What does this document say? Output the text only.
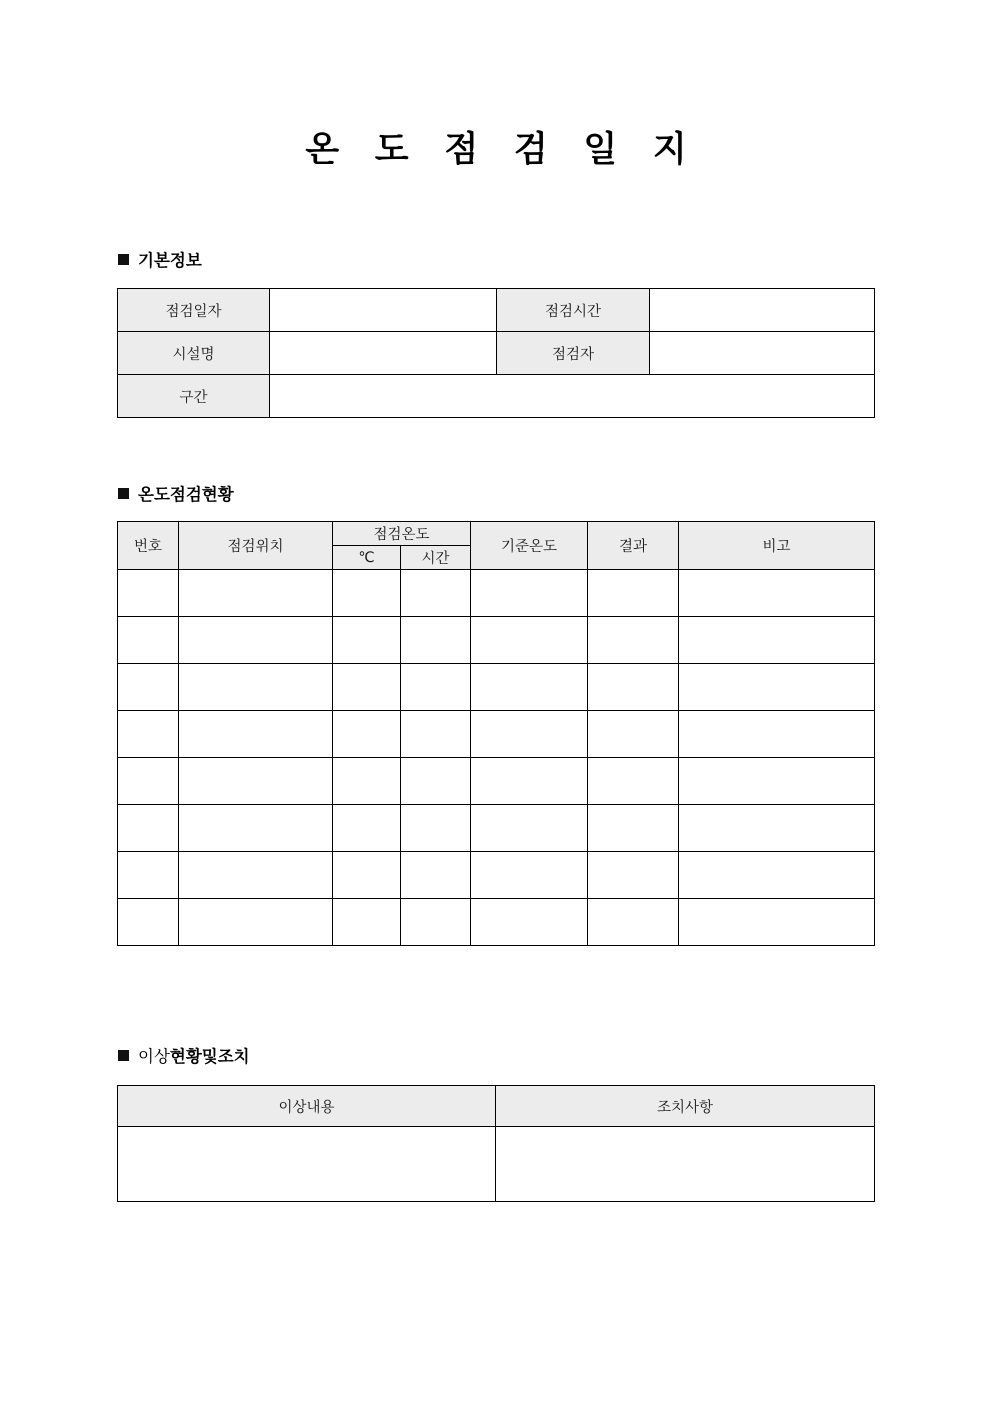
온 도 점 검 일 지
기본정보
점검일자		점검시간	
시설명		점검자	
구간			
온도점검현황
번호	점검위치	점검온도		기준온도	결과	비고
		℃	시간			

이상현황및조치
이상내용	조치사항
